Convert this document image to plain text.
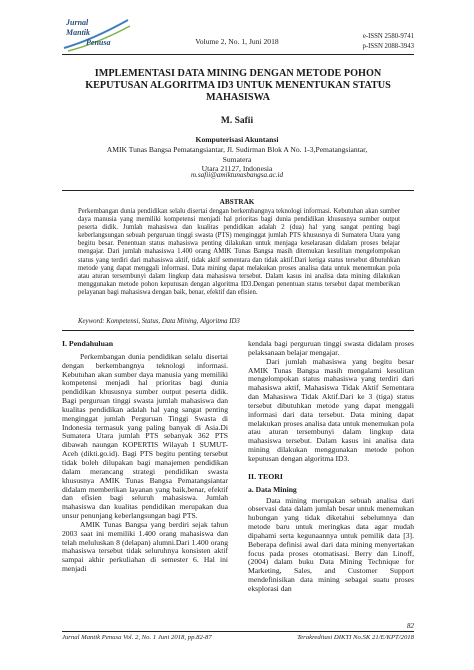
Jurnal
Mantik
Penusa	Volume 2, No. 1, Juni 2018
e-ISSN 2580-9741
p-ISSN 2088-3943
IMPLEMENTASI DATA MINING DENGAN METODE POHON
KEPUTUSAN ALGORITMA ID3 UNTUK MENENTUKAN STATUS
MAHASISWA
M. Safii
Komputerisasi Akuntansi
AMIK Tunas Bangsa Pematangsiantar, Jl. Sudirman Blok A No. 1-3,Pematangsiantar, Sumatera
Utara 21127, Indonesia
m.safii@amiktunasbangsa.ac.id
ABSTRAK
Perkembangan dunia pendidikan selalu disertai dengan berkembangnya teknologi informasi. Kebutuhan akan sumber daya manusia yang memiliki kompetensi menjadi hal prioritas bagi dunia pendidikan khususnya sumber output peserta didik. Jumlah mahasiswa dan kualitas pendidikan adalah 2 (dua) hal yang sangat penting bagi keberlangsungan sebuah perguruan tinggi swasta (PTS) menginggat jumlah PTS khususnya di Sumatera Utara yang begitu besar. Penentuan status mahasiswa penting dilakukan untuk menjaga keselarasan didalam proses belajar mengajar. Dari jumlah mahasiswa 1.400 orang AMIK Tunas Bangsa masih ditemukan kesulitan mengelompokan status yang terdiri dari mahasiswa aktif, tidak aktif sementara dan tidak aktif.Dari ketiga status tersebut dibutuhkan metode yang dapat menggali informasi. Data mining dapat melakukan proses analisa data untuk menemukan pola atau aturan tersembunyi dalam lingkup data mahasiswa tersebut. Dalam kasus ini analisa data mining dilakukan menggunakan metode pohon keputusan dengan algoritma ID3.Dengan penentuan status tersebut dapat memberikan pelayanan bagi mahasiswa dengan baik, benar, efektif dan efisien.
Keyword: Kompetensi, Status, Data Mining, Algoritma ID3
I. Pendahuluan

Perkembangan dunia pendidikan selalu disertai dengan berkembangnya teknologi informasi. Kebutuhan akan sumber daya manusia yang memiliki kompetensi menjadi hal prioritas bagi dunia pendidikan khususnya sumber output peserta didik. Bagi perguruan tinggi swasta jumlah mahasiswa dan kualitas pendidikan adalah hal yang sangat penting menginggat jumlah Perguruan Tinggi Swasta di Indonesia termasuk yang paling banyak di Asia.Di Sumatera Utara jumlah PTS sebanyak 362 PTS dibawah naungan KOPERTIS Wilayah I SUMUT-Aceh (dikti.go.id). Bagi PTS begitu penting tersebut tidak boleh dilupakan bagi manajemen pendidikan dalam merancang strategi pendidikan swasta khususnya AMIK Tunas Bangsa Pematangsiantar didalam memberikan layanan yang baik,benar, efektif dan efisien bagi seluruh mahasiswa. Jumlah mahasiswa dan kualitas pendidikan merupakan dua unsur penunjang keberlangsungan bagi PTS.

AMIK Tunas Bangsa yang berdiri sejak tahun 2003 saat ini memiliki 1.400 orang mahasiswa dan telah meluluskan 8 (delapan) alumni.Dari 1.400 orang mahasiswa tersebut tidak seluruhnya konsisten aktif sampai akhir perkuliahan di semester 6. Hal ini menjadi

kendala bagi perguruan tinggi swasta didalam proses pelaksanaan belajar mengajar.

Dari jumlah mahasiswa yang begitu besar AMIK Tunas Bangsa masih mengalami kesulitan mengelompokan status mahasiswa yang terdiri dari mahasiswa aktif, Mahasiswa Tidak Aktif Sementara dan Mahasiswa Tidak Aktif.Dari ke 3 (tiga) status tersebut dibutuhkan metode yang dapat menggali informasi dari data tersebut. Data mining dapat melakukan proses analisa data untuk menemukan pola atau aturan tersembunyi dalam lingkup data mahasiswa tersebut. Dalam kasus ini analisa data mining dilakukan menggunakan metode pohon keputusan dengan algoritma ID3.

II. TEORI
a. Data Mining

Data mining merupakan sebuah analisa dari observasi data dalam jumlah besar untuk menemukan hubungan yang tidak diketahui sebelumnya dan metode baru untuk meringkas data agar mudah dipahami serta kegunaannya untuk pemilik data [3]. Beberapa definisi awal dari data mining menyertakan focus pada proses otomatisasi. Berry dan Linoff, (2004) dalam buku Data Mining Technique for Marketing, Sales, and Customer Support mendefinisikan data mining sebagai suatu proses eksplorasi dan

82
Jurnal Mantik Penusa Vol. 2, No. 1 Juni 2018, pp.82-87	Terakreditasi DIKTI No.SK 21/E/KPT/2018
